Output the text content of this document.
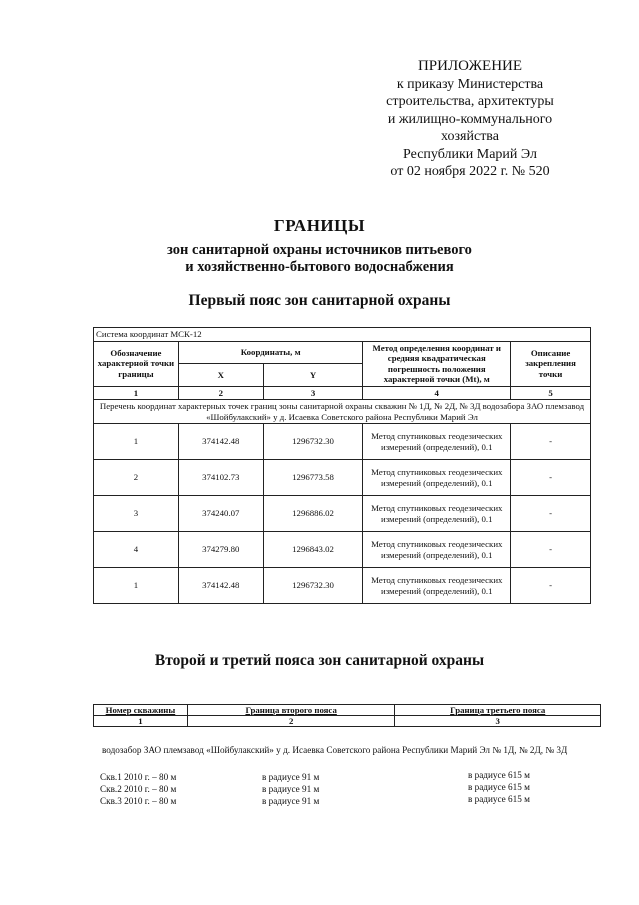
ПРИЛОЖЕНИЕ
к приказу Министерства
строительства, архитектуры
и жилищно-коммунального
хозяйства
Республики Марий Эл
от 02 ноября 2022 г. № 520
ГРАНИЦЫ
зон санитарной охраны источников питьевого
и хозяйственно-бытового водоснабжения
Первый пояс зон санитарной охраны
Система координат МСК-12				
Обозначение характерной точки границы	Координаты, м		Метод определения координат и средняя квадратическая погрешность положения характерной точки (Mt), м	Описание закрепления точки
	X	Y		
1	2	3	4	5
Перечень координат характерных точек границ зоны санитарной охраны скважин № 1Д, № 2Д, № 3Д водозабора ЗАО племзавод «Шойбулакский» у д. Исаевка Советского района Республики Марий Эл				
1	374142.48	1296732.30	Метод спутниковых геодезических измерений (определений), 0.1	-
2	374102.73	1296773.58	Метод спутниковых геодезических измерений (определений), 0.1	-
3	374240.07	1296886.02	Метод спутниковых геодезических измерений (определений), 0.1	-
4	374279.80	1296843.02	Метод спутниковых геодезических измерений (определений), 0.1	-
1	374142.48	1296732.30	Метод спутниковых геодезических измерений (определений), 0.1	-
Второй и третий пояса зон санитарной охраны
Номер скважины	Граница второго пояса	Граница третьего пояса
1	2	3
водозабор ЗАО племзавод «Шойбулакский» у д. Исаевка Советского района Республики Марий Эл № 1Д, № 2Д, № 3Д
Скв.1 2010 г. – 80 м	в радиусе 91 м	в радиусе 615 м
Скв.2 2010 г. – 80 м	в радиусе 91 м	в радиусе 615 м
Скв.3 2010 г. – 80 м	в радиусе 91 м	в радиусе 615 м
